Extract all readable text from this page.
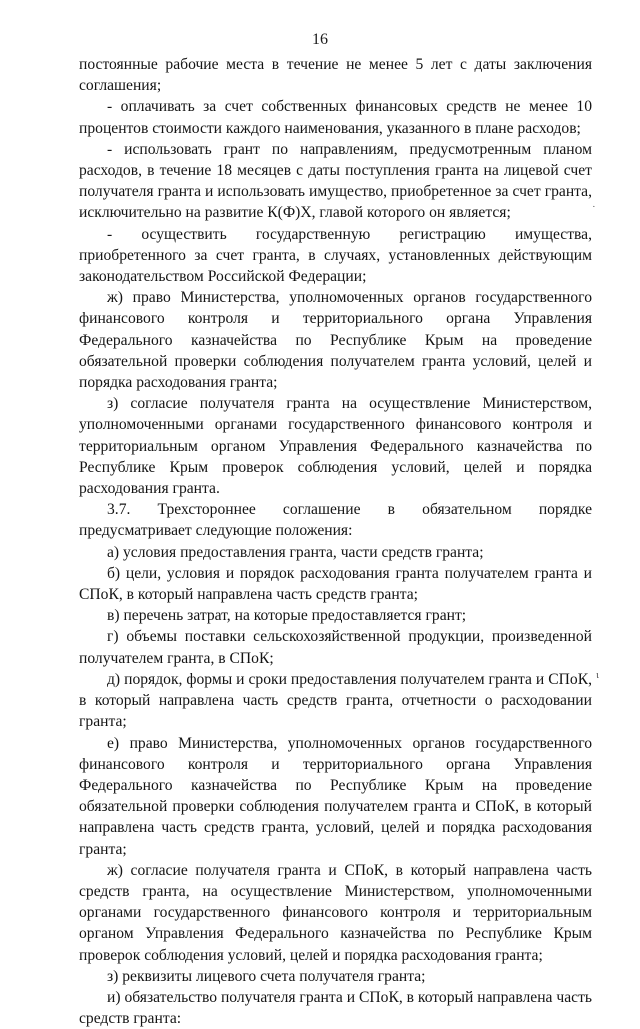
16

постоянные рабочие места в течение не менее 5 лет с даты заключения соглашения;

- оплачивать за счет собственных финансовых средств не менее 10 процентов стоимости каждого наименования, указанного в плане расходов;

- использовать грант по направлениям, предусмотренным планом расходов, в течение 18 месяцев с даты поступления гранта на лицевой счет получателя гранта и использовать имущество, приобретенное за счет гранта, исключительно на развитие К(Ф)Х, главой которого он является;

- осуществить государственную регистрацию имущества, приобретенного за счет гранта, в случаях, установленных действующим законодательством Российской Федерации;

ж) право Министерства, уполномоченных органов государственного финансового контроля и территориального органа Управления Федерального казначейства по Республике Крым на проведение обязательной проверки соблюдения получателем гранта условий, целей и порядка расходования гранта;

з) согласие получателя гранта на осуществление Министерством, уполномоченными органами государственного финансового контроля и территориальным органом Управления Федерального казначейства по Республике Крым проверок соблюдения условий, целей и порядка расходования гранта.

3.7. Трехстороннее соглашение в обязательном порядке предусматривает следующие положения:

а) условия предоставления гранта, части средств гранта;

б) цели, условия и порядок расходования гранта получателем гранта и СПоК, в который направлена часть средств гранта;

в) перечень затрат, на которые предоставляется грант;

г) объемы поставки сельскохозяйственной продукции, произведенной получателем гранта, в СПоК;

д) порядок, формы и сроки предоставления получателем гранта и СПоК, в который направлена часть средств гранта, отчетности о расходовании гранта;

е) право Министерства, уполномоченных органов государственного финансового контроля и территориального органа Управления Федерального казначейства по Республике Крым на проведение обязательной проверки соблюдения получателем гранта и СПоК, в который направлена часть средств гранта, условий, целей и порядка расходования гранта;

ж) согласие получателя гранта и СПоК, в который направлена часть средств гранта, на осуществление Министерством, уполномоченными органами государственного финансового контроля и территориальным органом Управления Федерального казначейства по Республике Крым проверок соблюдения условий, целей и порядка расходования гранта;

з) реквизиты лицевого счета получателя гранта;

и) обязательство получателя гранта и СПоК, в который направлена часть средств гранта:

˙
ι
